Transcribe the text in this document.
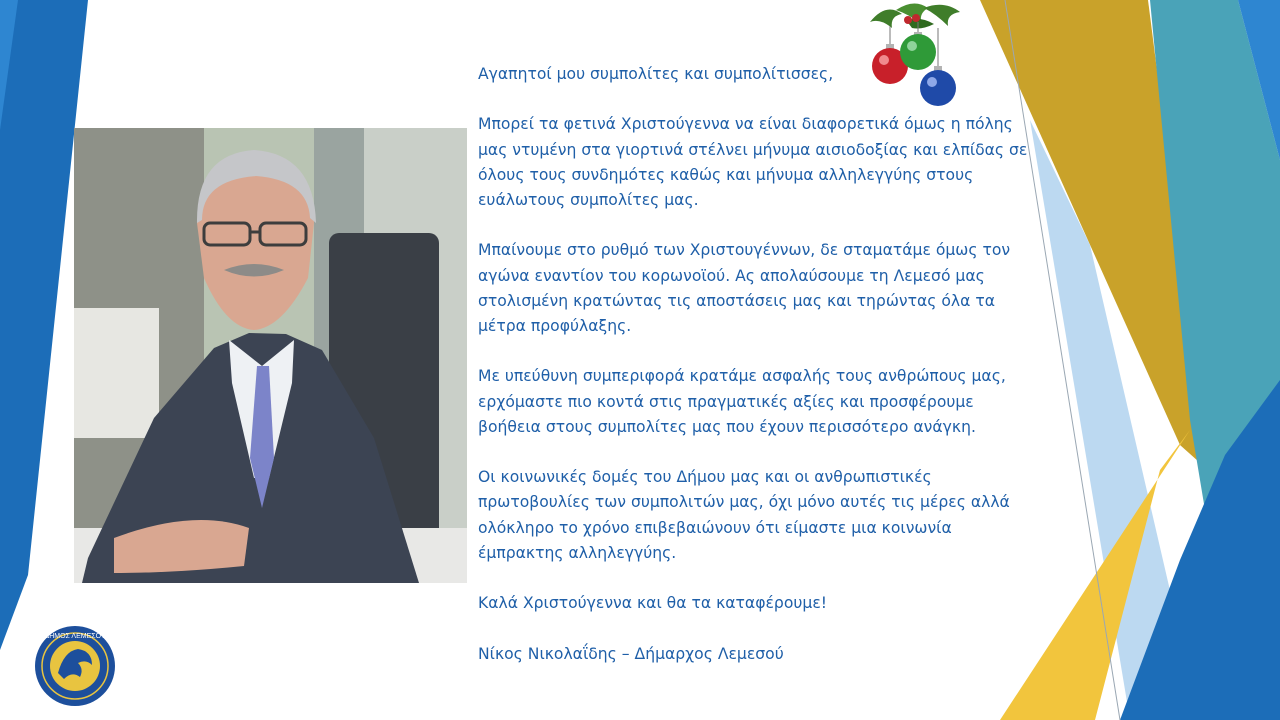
ΔΗΜΟΣ ΛΕΜΕΣΟΥ

Αγαπητοί μου συμπολίτες και συμπολίτισσες,

Μπορεί τα φετινά Χριστούγεννα να είναι διαφορετικά όμως η πόλης μας ντυμένη στα γιορτινά στέλνει μήνυμα αισιοδοξίας και ελπίδας σε όλους τους συνδημότες καθώς και μήνυμα αλληλεγγύης στους ευάλωτους συμπολίτες μας.

Μπαίνουμε στο ρυθμό των Χριστουγέννων, δε σταματάμε όμως τον αγώνα εναντίον του κορωνοϊού. Ας απολαύσουμε τη Λεμεσό μας στολισμένη κρατώντας τις αποστάσεις μας και τηρώντας όλα τα μέτρα προφύλαξης.

Με υπεύθυνη συμπεριφορά κρατάμε ασφαλής τους ανθρώπους μας, ερχόμαστε πιο κοντά στις πραγματικές αξίες και προσφέρουμε βοήθεια στους συμπολίτες μας που έχουν περισσότερο ανάγκη.

Οι κοινωνικές δομές του Δήμου μας και οι ανθρωπιστικές πρωτοβουλίες των συμπολιτών μας, όχι μόνο αυτές τις μέρες αλλά ολόκληρο το χρόνο επιβεβαιώνουν ότι είμαστε μια κοινωνία έμπρακτης αλληλεγγύης.

Καλά Χριστούγεννα και θα τα καταφέρουμε!

Νίκος Νικολαΐδης – Δήμαρχος Λεμεσού
